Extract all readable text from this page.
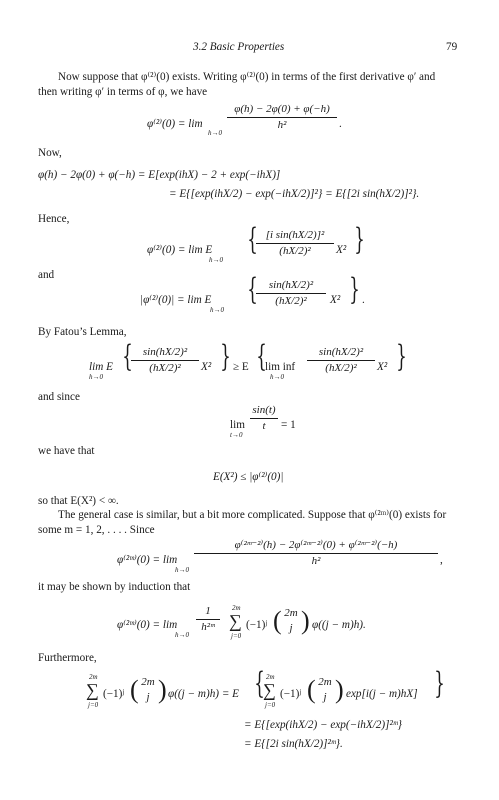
3.2 Basic Properties	79
Now suppose that φ⁽²⁾(0) exists. Writing φ⁽²⁾(0) in terms of the first derivative φ′ and
then writing φ′ in terms of φ, we have
φ⁽²⁾(0) = lim
h→0
φ(h) − 2φ(0) + φ(−h)
h²	.
Now,
φ(h) − 2φ(0) + φ(−h) = E[exp(ihX) − 2 + exp(−ihX)]
= E{[exp(ihX/2) − exp(−ihX/2)]²} = E{[2i sin(hX/2)]²}.
Hence,
φ⁽²⁾(0) = lim E
h→0
{ [i sin(hX/2)]²
(hX/2)²	X² }
and
|φ⁽²⁾(0)| = lim E
h→0
{	sin(hX/2)²
(hX/2)²	X² } .
By Fatou’s Lemma,
lim E
h→0
{ sin(hX/2)²
(hX/2)²	X² } ≥ E {
lim inf
h→0
sin(hX/2)²
(hX/2)²	X² }
and since
lim
t→0
sin(t)
t	= 1
we have that
E(X²) ≤ |φ⁽²⁾(0)|
so that E(X²) < ∞.
The general case is similar, but a bit more complicated. Suppose that φ⁽²ᵐ⁾(0) exists for
some m = 1, 2, . . . . Since
φ⁽²ᵐ⁾(0) = lim
h→0
φ⁽²ᵐ⁻²⁾(h) − 2φ⁽²ᵐ⁻²⁾(0) + φ⁽²ᵐ⁻²⁾(−h)
h²	,
it may be shown by induction that
φ⁽²ᵐ⁾(0) = lim
h→0
1
h²ᵐ
2m
∑
j=0
(−1)ʲ ( 2m
j ) φ((j − m)h).
Furthermore,
2m
∑
j=0
(−1)ʲ ( 2m
j ) φ((j − m)h) = E { 2m
∑
j=0
(−1)ʲ ( 2m
j ) exp[i(j − m)hX] }
= E{[exp(ihX/2) − exp(−ihX/2)]²ᵐ}
= E{[2i sin(hX/2)]²ᵐ}.
